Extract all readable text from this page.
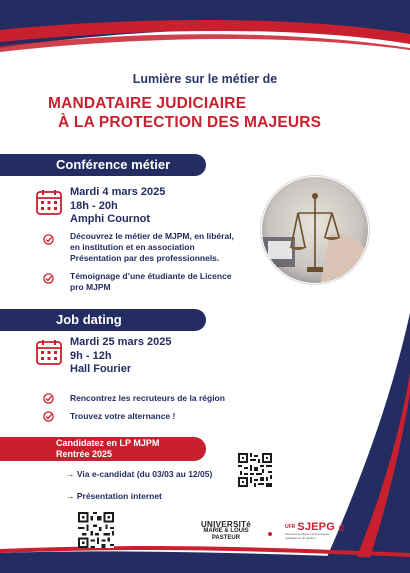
Lumière sur le métier de
MANDATAIRE JUDICIAIRE
À LA PROTECTION DES MAJEURS
Conférence métier
Mardi 4 mars 2025
18h - 20h
Amphi Cournot
Découvrez le métier de MJPM, en libéral,
en institution et en association
Présentation par des professionnels.
Témoignage d’une étudiante de Licence
pro MJPM
Job dating
Mardi 25 mars 2025
9h - 12h
Hall Fourier
Rencontrez les recruteurs de la région
Trouvez votre alternance !
Candidatez en LP MJPM
Rentrée 2025
→ Via e-candidat (du 03/03 au 12/05)
→ Présentation internet
UNIVERSITé
MARIE & LOUIS
PASTEUR
UFR SJEPG
Sciences juridiques économiques politiques et de gestion
